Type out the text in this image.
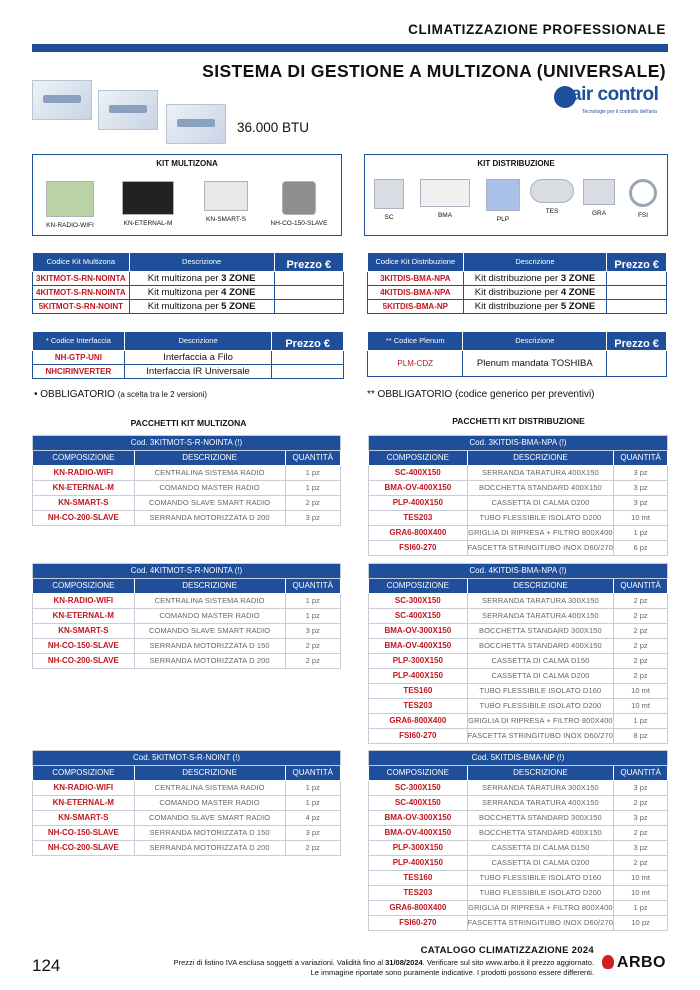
CLIMATIZZAZIONE PROFESSIONALE
SISTEMA DI GESTIONE A MULTIZONA (UNIVERSALE)
air control
Tecnologie per il controllo dell'aria
36.000 BTU
KIT MULTIZONA
KN-RADIO-WIFI	KN-ETERNAL-M
KN-SMART-S
NH-CO-150-SLAVE
KIT DISTRIBUZIONE
SC	BMA
PLP
TES	GRA	FSI
Codice Kit Multizona	Descrizione	Prezzo €
3KITMOT-S-RN-NOINTA	Kit multizona per 3 ZONE	
4KITMOT-S-RN-NOINTA	Kit multizona per 4 ZONE	
5KITMOT-S-RN-NOINT	Kit multizona per 5 ZONE	
Codice Kit Distribuzione	Descrizione	Prezzo €
3KITDIS-BMA-NPA	Kit distribuzione per 3 ZONE	
4KITDIS-BMA-NPA	Kit distribuzione per 4 ZONE	
5KITDIS-BMA-NP	Kit distribuzione per 5 ZONE	
* Codice Interfaccia	Descrizione	Prezzo €
NH-GTP-UNI	Interfaccia a Filo	
NHCIRINVERTER	Interfaccia IR Universale	
** Codice Plenum	Descrizione	Prezzo €
PLM-CDZ	Plenum mandata TOSHIBA	
• OBBLIGATORIO (a scelta tra le 2 versioni)	** OBBLIGATORIO (codice generico per preventivi)
PACCHETTI KIT MULTIZONA	PACCHETTI KIT DISTRIBUZIONE
Cod. 3KITMOT-S-R-NOINTA (!)		
COMPOSIZIONE	DESCRIZIONE	QUANTITÀ
KN-RADIO-WIFI	CENTRALINA SISTEMA RADIO	1 pz
KN-ETERNAL-M	COMANDO MASTER RADIO	1 pz
KN-SMART-S	COMANDO SLAVE SMART RADIO	2 pz
NH-CO-200-SLAVE	SERRANDA MOTORIZZATA D 200	3 pz
Cod. 4KITMOT-S-R-NOINTA (!)		
COMPOSIZIONE	DESCRIZIONE	QUANTITÀ
KN-RADIO-WIFI	CENTRALINA SISTEMA RADIO	1 pz
KN-ETERNAL-M	COMANDO MASTER RADIO	1 pz
KN-SMART-S	COMANDO SLAVE SMART RADIO	3 pz
NH-CO-150-SLAVE	SERRANDA MOTORIZZATA D 150	2 pz
NH-CO-200-SLAVE	SERRANDA MOTORIZZATA D 200	2 pz
Cod. 5KITMOT-S-R-NOINT (!)		
COMPOSIZIONE	DESCRIZIONE	QUANTITÀ
KN-RADIO-WIFI	CENTRALINA SISTEMA RADIO	1 pz
KN-ETERNAL-M	COMANDO MASTER RADIO	1 pz
KN-SMART-S	COMANDO SLAVE SMART RADIO	4 pz
NH-CO-150-SLAVE	SERRANDA MOTORIZZATA D 150	3 pz
NH-CO-200-SLAVE	SERRANDA MOTORIZZATA D 200	2 pz
Cod. 3KITDIS-BMA-NPA (!)		
COMPOSIZIONE	DESCRIZIONE	QUANTITÀ
SC-400X150	SERRANDA TARATURA 400X150	3 pz
BMA-OV-400X150	BOCCHETTA STANDARD 400X150	3 pz
PLP-400X150	CASSETTA DI CALMA D200	3 pz
TES203	TUBO FLESSIBILE ISOLATO D200	10 mt
GRA6-800X400	GRIGLIA DI RIPRESA + FILTRO 800X400	1 pz
FSI60-270	FASCETTA STRINGITUBO INOX D60/270	6 pz
Cod. 4KITDIS-BMA-NPA (!)		
COMPOSIZIONE	DESCRIZIONE	QUANTITÀ
SC-300X150	SERRANDA TARATURA 300X150	2 pz
SC-400X150	SERRANDA TARATURA 400X150	2 pz
BMA-OV-300X150	BOCCHETTA STANDARD 300X150	2 pz
BMA-OV-400X150	BOCCHETTA STANDARD 400X150	2 pz
PLP-300X150	CASSETTA DI CALMA D150	2 pz
PLP-400X150	CASSETTA DI CALMA D200	2 pz
TES160	TUBO FLESSIBILE ISOLATO D160	10 mt
TES203	TUBO FLESSIBILE ISOLATO D200	10 mt
GRA6-800X400	GRIGLIA DI RIPRESA + FILTRO 800X400	1 pz
FSI60-270	FASCETTA STRINGITUBO INOX D60/270	8 pz
Cod. 5KITDIS-BMA-NP (!)		
COMPOSIZIONE	DESCRIZIONE	QUANTITÀ
SC-300X150	SERRANDA TARATURA 300X150	3 pz
SC-400X150	SERRANDA TARATURA 400X150	2 pz
BMA-OV-300X150	BOCCHETTA STANDARD 300X150	3 pz
BMA-OV-400X150	BOCCHETTA STANDARD 400X150	2 pz
PLP-300X150	CASSETTA DI CALMA D150	3 pz
PLP-400X150	CASSETTA DI CALMA D200	2 pz
TES160	TUBO FLESSIBILE ISOLATO D160	10 mt
TES203	TUBO FLESSIBILE ISOLATO D200	10 mt
GRA6-800X400	GRIGLIA DI RIPRESA + FILTRO 800X400	1 pz
FSI60-270	FASCETTA STRINGITUBO INOX D60/270	10 pz
124
CATALOGO CLIMATIZZAZIONE 2024
Prezzi di listino IVA esclusa soggetti a variazioni. Validità fino al 31/08/2024. Verificare sul sito www.arbo.it il prezzo aggiornato.
Le immagine riportate sono puramente indicative. I prodotti possono essere differenti.
ARBO
